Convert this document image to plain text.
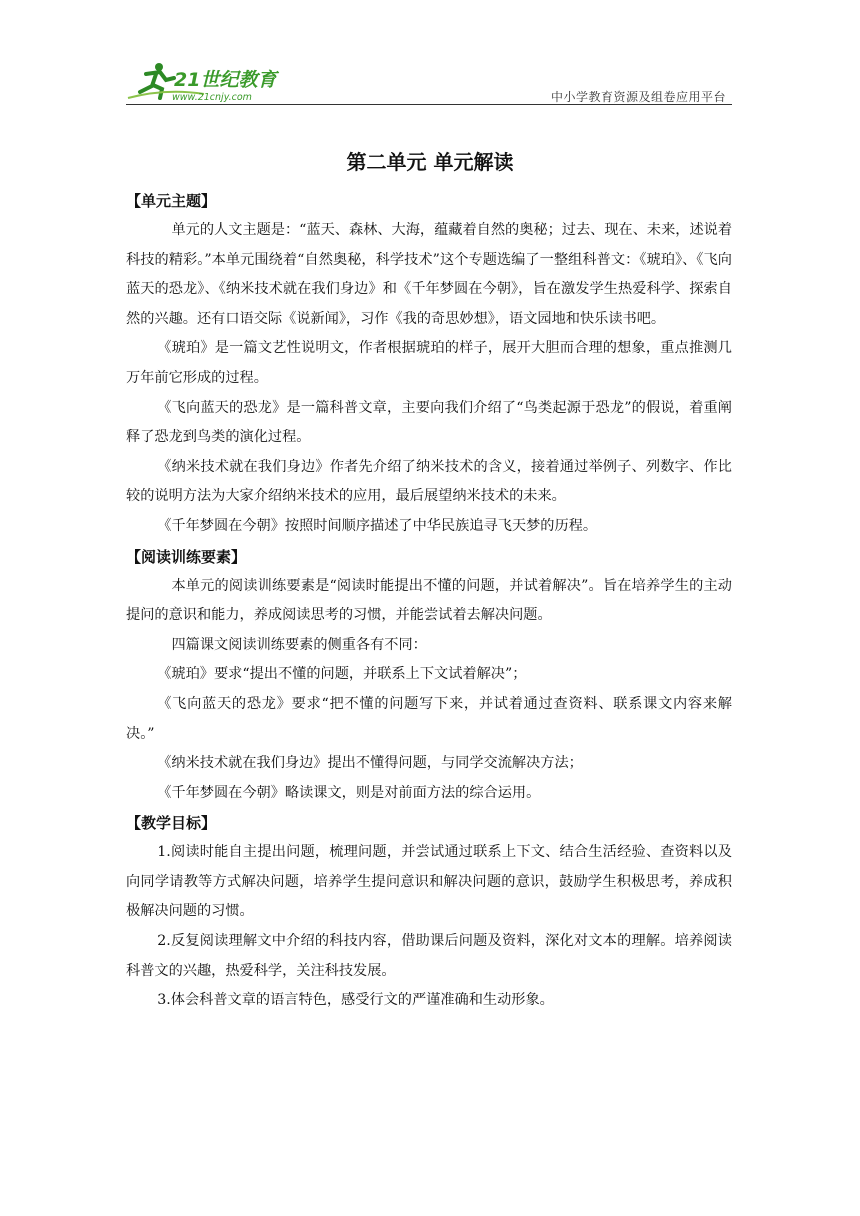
21世纪教育
www.21cnjy.com	中小学教育资源及组卷应用平台
第二单元 单元解读

【单元主题】

单元的人文主题是：“蓝天、森林、大海，蕴藏着自然的奥秘；过去、现在、未来，述说着科技的精彩。”本单元围绕着“自然奥秘，科学技术”这个专题选编了一整组科普文：《琥珀》、《飞向蓝天的恐龙》、《纳米技术就在我们身边》和《千年梦圆在今朝》，旨在激发学生热爱科学、探索自然的兴趣。还有口语交际《说新闻》，习作《我的奇思妙想》，语文园地和快乐读书吧。

《琥珀》是一篇文艺性说明文，作者根据琥珀的样子，展开大胆而合理的想象，重点推测几万年前它形成的过程。

《飞向蓝天的恐龙》是一篇科普文章，主要向我们介绍了“鸟类起源于恐龙”的假说，着重阐释了恐龙到鸟类的演化过程。

《纳米技术就在我们身边》作者先介绍了纳米技术的含义，接着通过举例子、列数字、作比较的说明方法为大家介绍纳米技术的应用，最后展望纳米技术的未来。

《千年梦圆在今朝》按照时间顺序描述了中华民族追寻飞天梦的历程。

【阅读训练要素】

本单元的阅读训练要素是“阅读时能提出不懂的问题，并试着解决”。旨在培养学生的主动提问的意识和能力，养成阅读思考的习惯，并能尝试着去解决问题。

四篇课文阅读训练要素的侧重各有不同：

《琥珀》要求“提出不懂的问题，并联系上下文试着解决”；

《飞向蓝天的恐龙》要求“把不懂的问题写下来，并试着通过查资料、联系课文内容来解决。”

《纳米技术就在我们身边》提出不懂得问题，与同学交流解决方法；

《千年梦圆在今朝》略读课文，则是对前面方法的综合运用。

【教学目标】

1.阅读时能自主提出问题，梳理问题，并尝试通过联系上下文、结合生活经验、查资料以及向同学请教等方式解决问题，培养学生提问意识和解决问题的意识，鼓励学生积极思考，养成积极解决问题的习惯。

2.反复阅读理解文中介绍的科技内容，借助课后问题及资料，深化对文本的理解。培养阅读科普文的兴趣，热爱科学，关注科技发展。

3.体会科普文章的语言特色，感受行文的严谨准确和生动形象。
